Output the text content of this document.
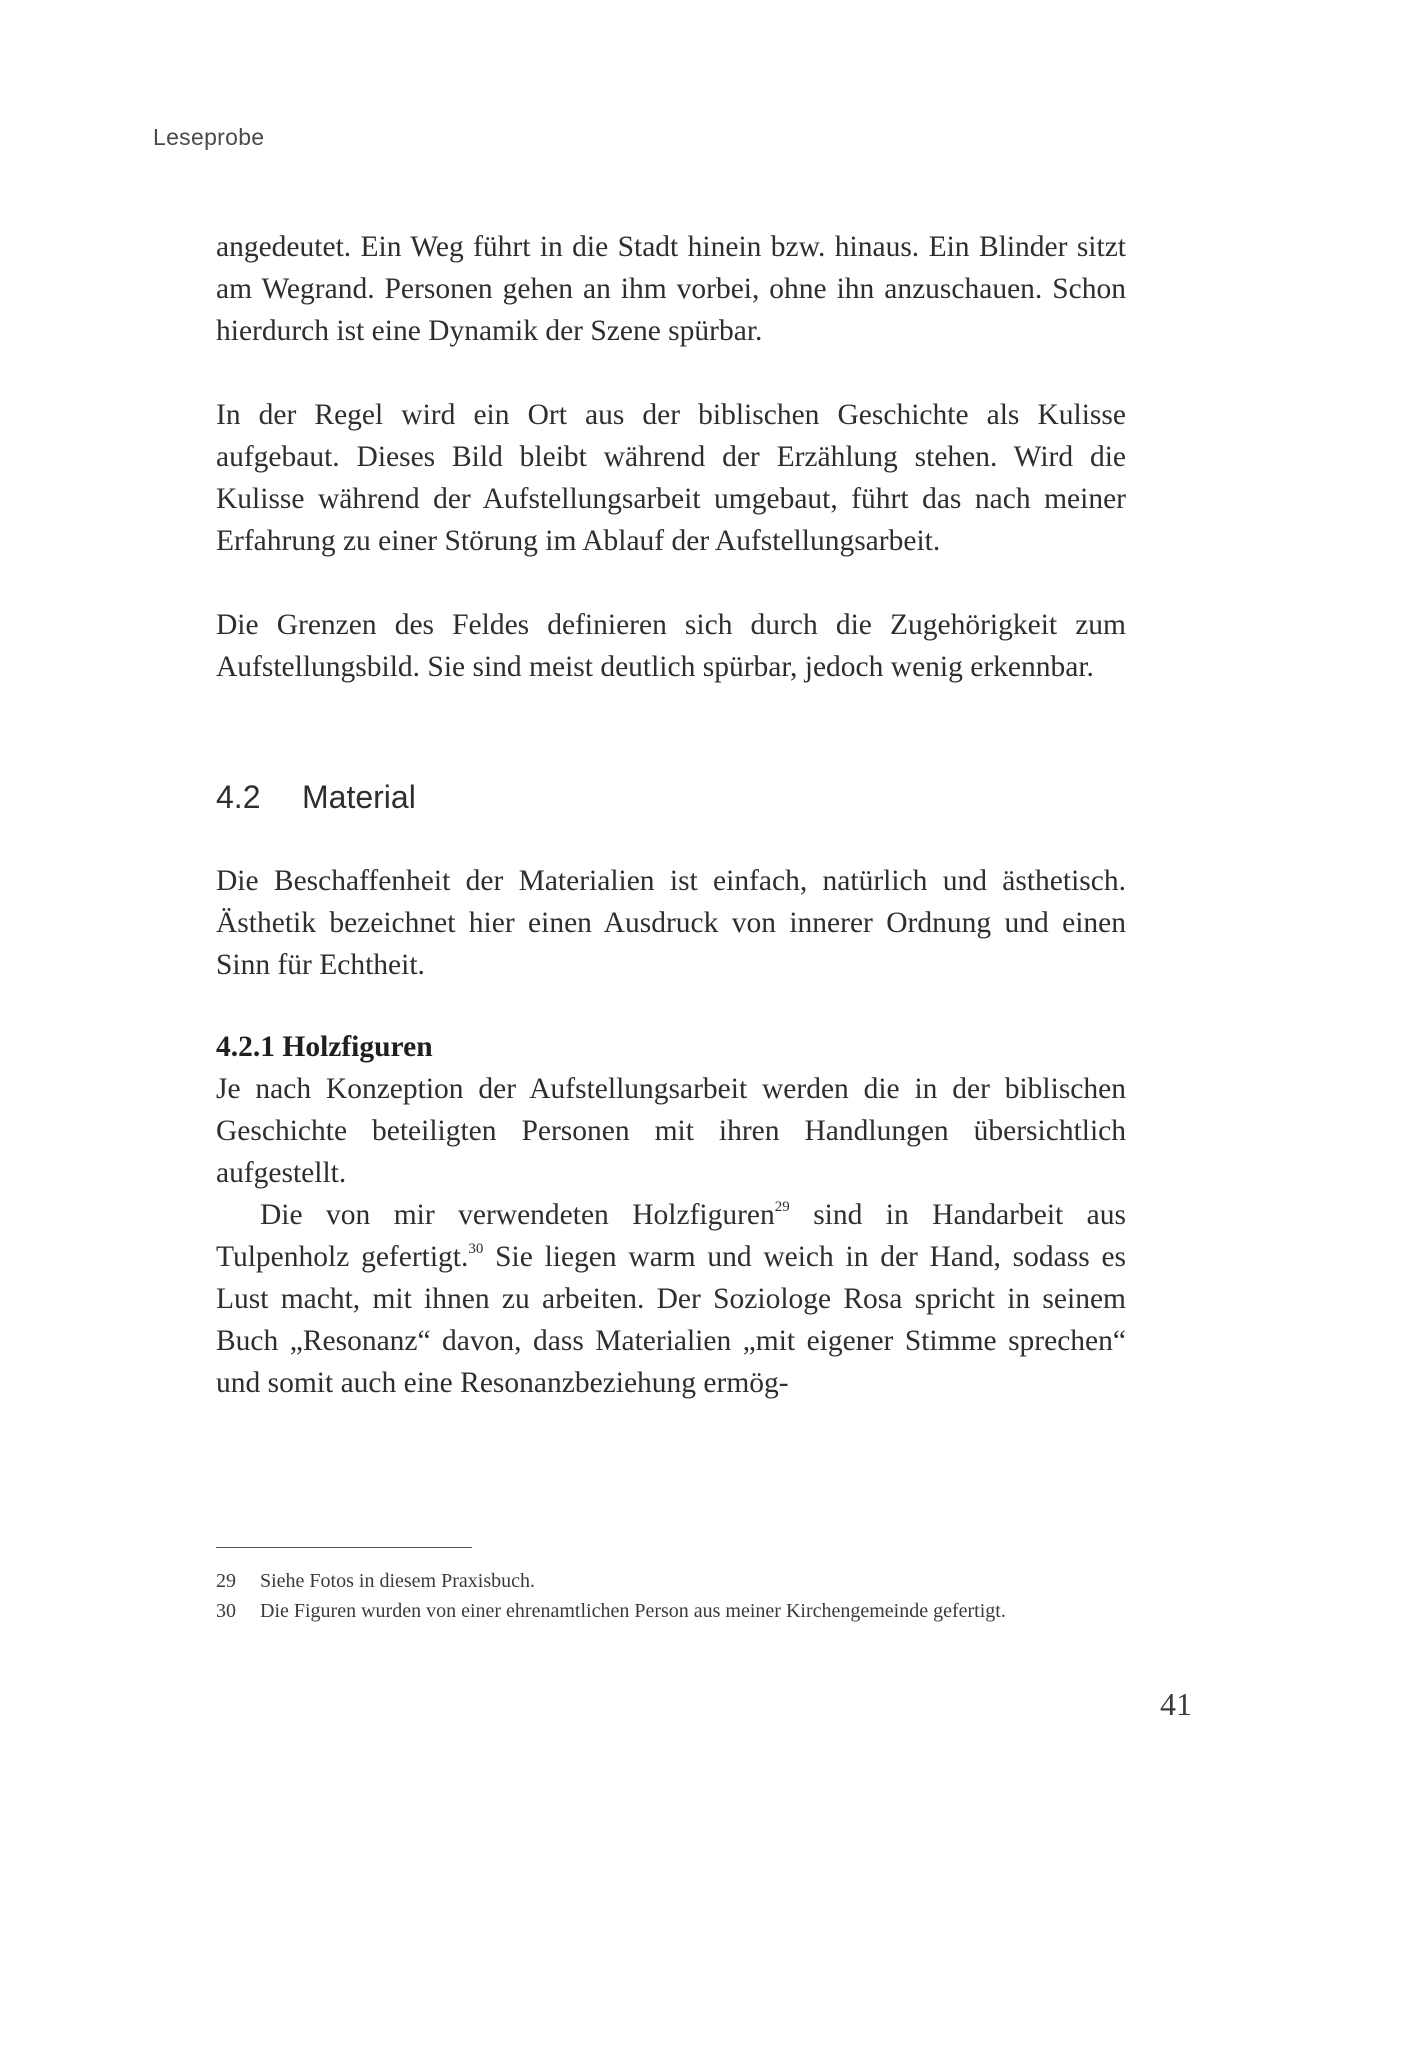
Leseprobe

angedeutet. Ein Weg führt in die Stadt hinein bzw. hinaus. Ein Blinder sitzt am Wegrand. Personen gehen an ihm vorbei, ohne ihn anzuschauen. Schon hierdurch ist eine Dynamik der Szene spürbar.

In der Regel wird ein Ort aus der biblischen Geschichte als Kulisse aufgebaut. Dieses Bild bleibt während der Erzählung stehen. Wird die Kulisse während der Aufstellungsarbeit umgebaut, führt das nach meiner Erfahrung zu einer Störung im Ablauf der Aufstellungsarbeit.

Die Grenzen des Feldes definieren sich durch die Zugehörigkeit zum Aufstellungsbild. Sie sind meist deutlich spürbar, jedoch wenig erkennbar.

4.2 Material

Die Beschaffenheit der Materialien ist einfach, natürlich und ästhetisch. Ästhetik bezeichnet hier einen Ausdruck von innerer Ordnung und einen Sinn für Echtheit.

4.2.1 Holzfiguren

Je nach Konzeption der Aufstellungsarbeit werden die in der biblischen Geschichte beteiligten Personen mit ihren Handlungen übersichtlich aufgestellt.

Die von mir verwendeten Holzfiguren$^{29}$ sind in Handarbeit aus Tulpenholz gefertigt.$^{30}$ Sie liegen warm und weich in der Hand, sodass es Lust macht, mit ihnen zu arbeiten. Der Soziologe Rosa spricht in seinem Buch „Resonanz“ davon, dass Materialien „mit eigener Stimme sprechen“ und somit auch eine Resonanzbeziehung ermög-

29	Siehe Fotos in diesem Praxisbuch.
30	Die Figuren wurden von einer ehrenamtlichen Person aus meiner Kirchengemeinde gefertigt.
41
